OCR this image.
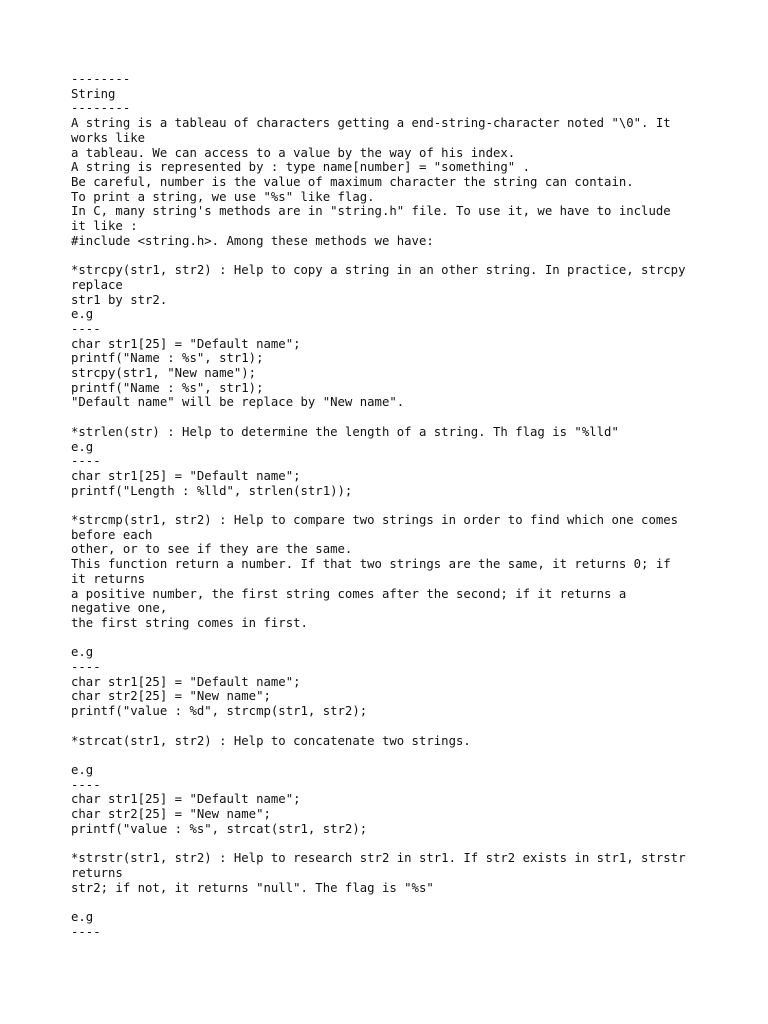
--------
String
--------
A string is a tableau of characters getting a end-string-character noted "\0". It
works like
a tableau. We can access to a value by the way of his index.
A string is represented by : type name[number] = "something" .
Be careful, number is the value of maximum character the string can contain.
To print a string, we use "%s" like flag.
In C, many string's methods are in "string.h" file. To use it, we have to include
it like :
#include <string.h>. Among these methods we have:
*strcpy(str1, str2) : Help to copy a string in an other string. In practice, strcpy
replace
str1 by str2.
e.g
----
char str1[25] = "Default name";
printf("Name : %s", str1);
strcpy(str1, "New name");
printf("Name : %s", str1);
"Default name" will be replace by "New name".
*strlen(str) : Help to determine the length of a string. Th flag is "%lld"
e.g
----
char str1[25] = "Default name";
printf("Length : %lld", strlen(str1));
*strcmp(str1, str2) : Help to compare two strings in order to find which one comes
before each
other, or to see if they are the same.
This function return a number. If that two strings are the same, it returns 0; if
it returns
a positive number, the first string comes after the second; if it returns a
negative one,
the first string comes in first.
e.g
----
char str1[25] = "Default name";
char str2[25] = "New name";
printf("value : %d", strcmp(str1, str2);
*strcat(str1, str2) : Help to concatenate two strings.
e.g
----
char str1[25] = "Default name";
char str2[25] = "New name";
printf("value : %s", strcat(str1, str2);
*strstr(str1, str2) : Help to research str2 in str1. If str2 exists in str1, strstr
returns
str2; if not, it returns "null". The flag is "%s"
e.g
----
